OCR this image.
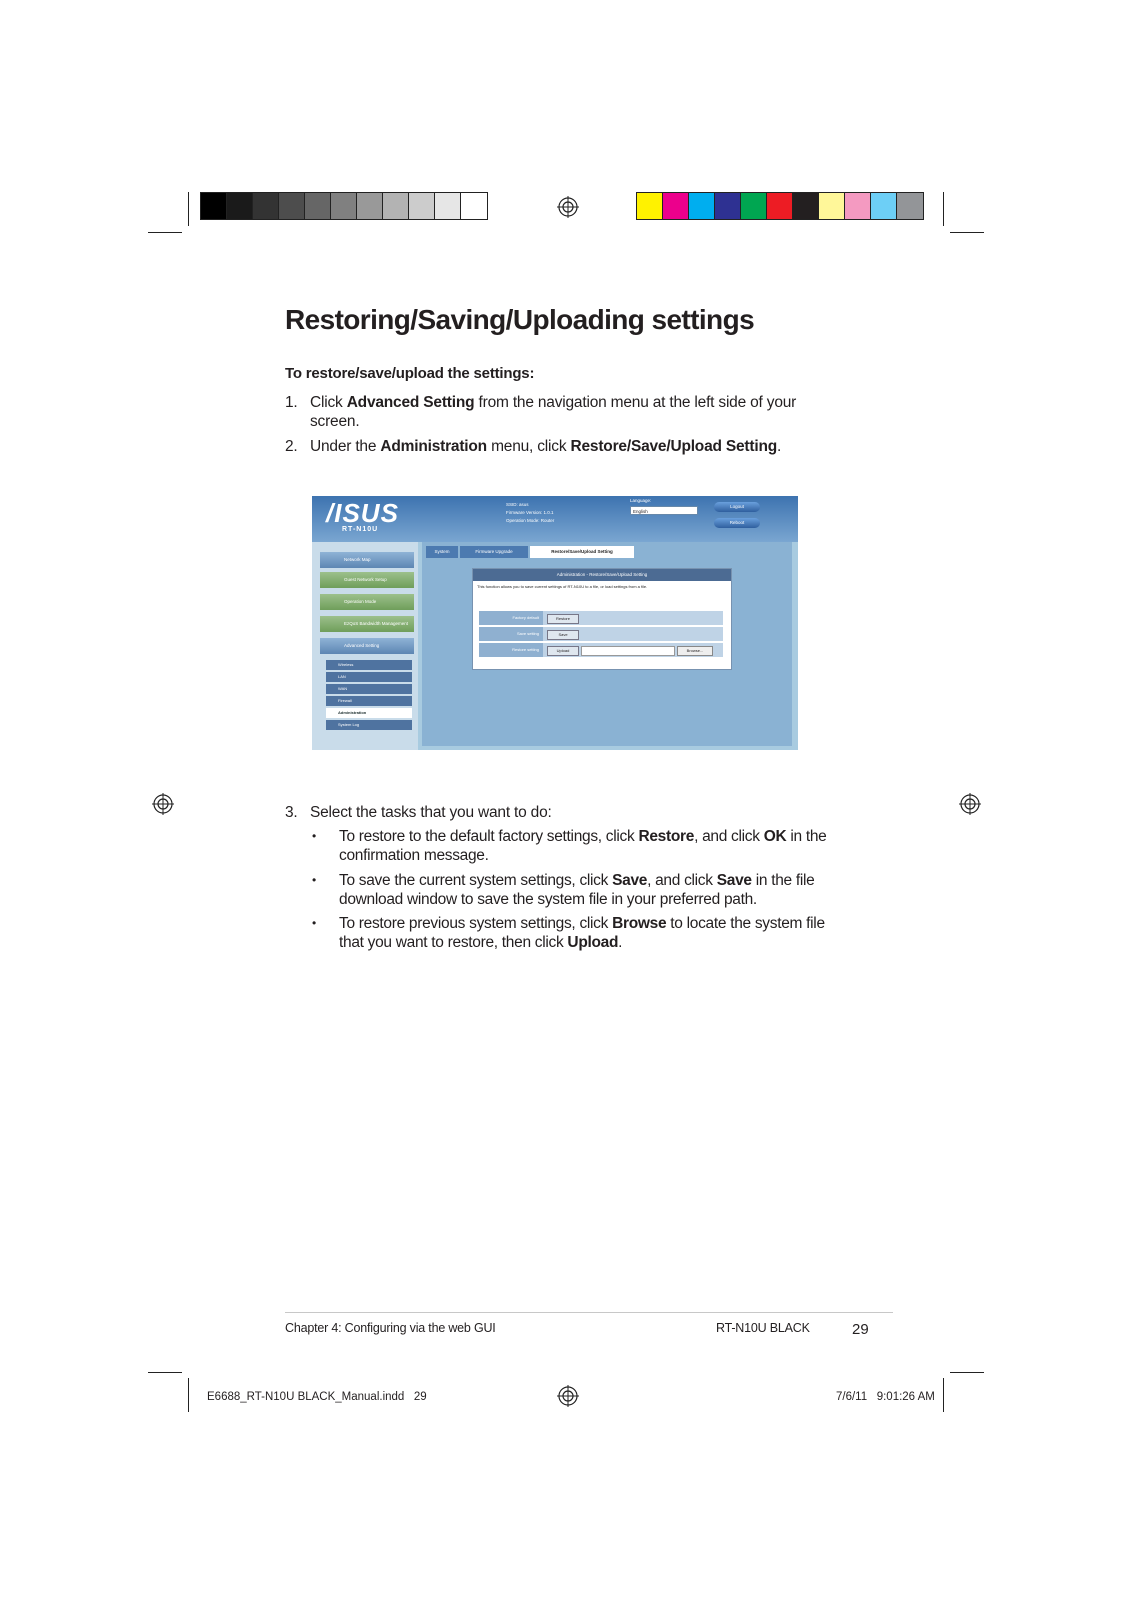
Restoring/Saving/Uploading settings
To restore/save/upload the settings:
1. Click Advanced Setting from the navigation menu at the left side of your screen.
2. Under the Administration menu, click Restore/Save/Upload Setting.
/ISUS
RT-N10U
SSID: asus
Firmware Version: 1.0.1
Operation Mode: Router
Language:
English
Logout
Reboot
Network Map
Guest Network Setup
Operation Mode
EzQoS Bandwidth Management
Advanced Setting
Wireless
LAN
WAN
Firewall
Administration
System Log
System	Firmware Upgrade	Restore/Save/Upload Setting
Administration - Restore/Save/Upload Setting
This function allows you to save current settings of RT-N10U to a file, or load settings from a file.
Factory default	Restore
Save setting	Save
Restore setting	Upload	Browse...
3. Select the tasks that you want to do:
• To restore to the default factory settings, click Restore, and click OK in the confirmation message.
• To save the current system settings, click Save, and click Save in the file download window to save the system file in your preferred path.
• To restore previous system settings, click Browse to locate the system file that you want to restore, then click Upload.
Chapter 4: Configuring via the web GUI	RT-N10U BLACK	29
E6688_RT-N10U BLACK_Manual.indd   29	7/6/11   9:01:26 AM
